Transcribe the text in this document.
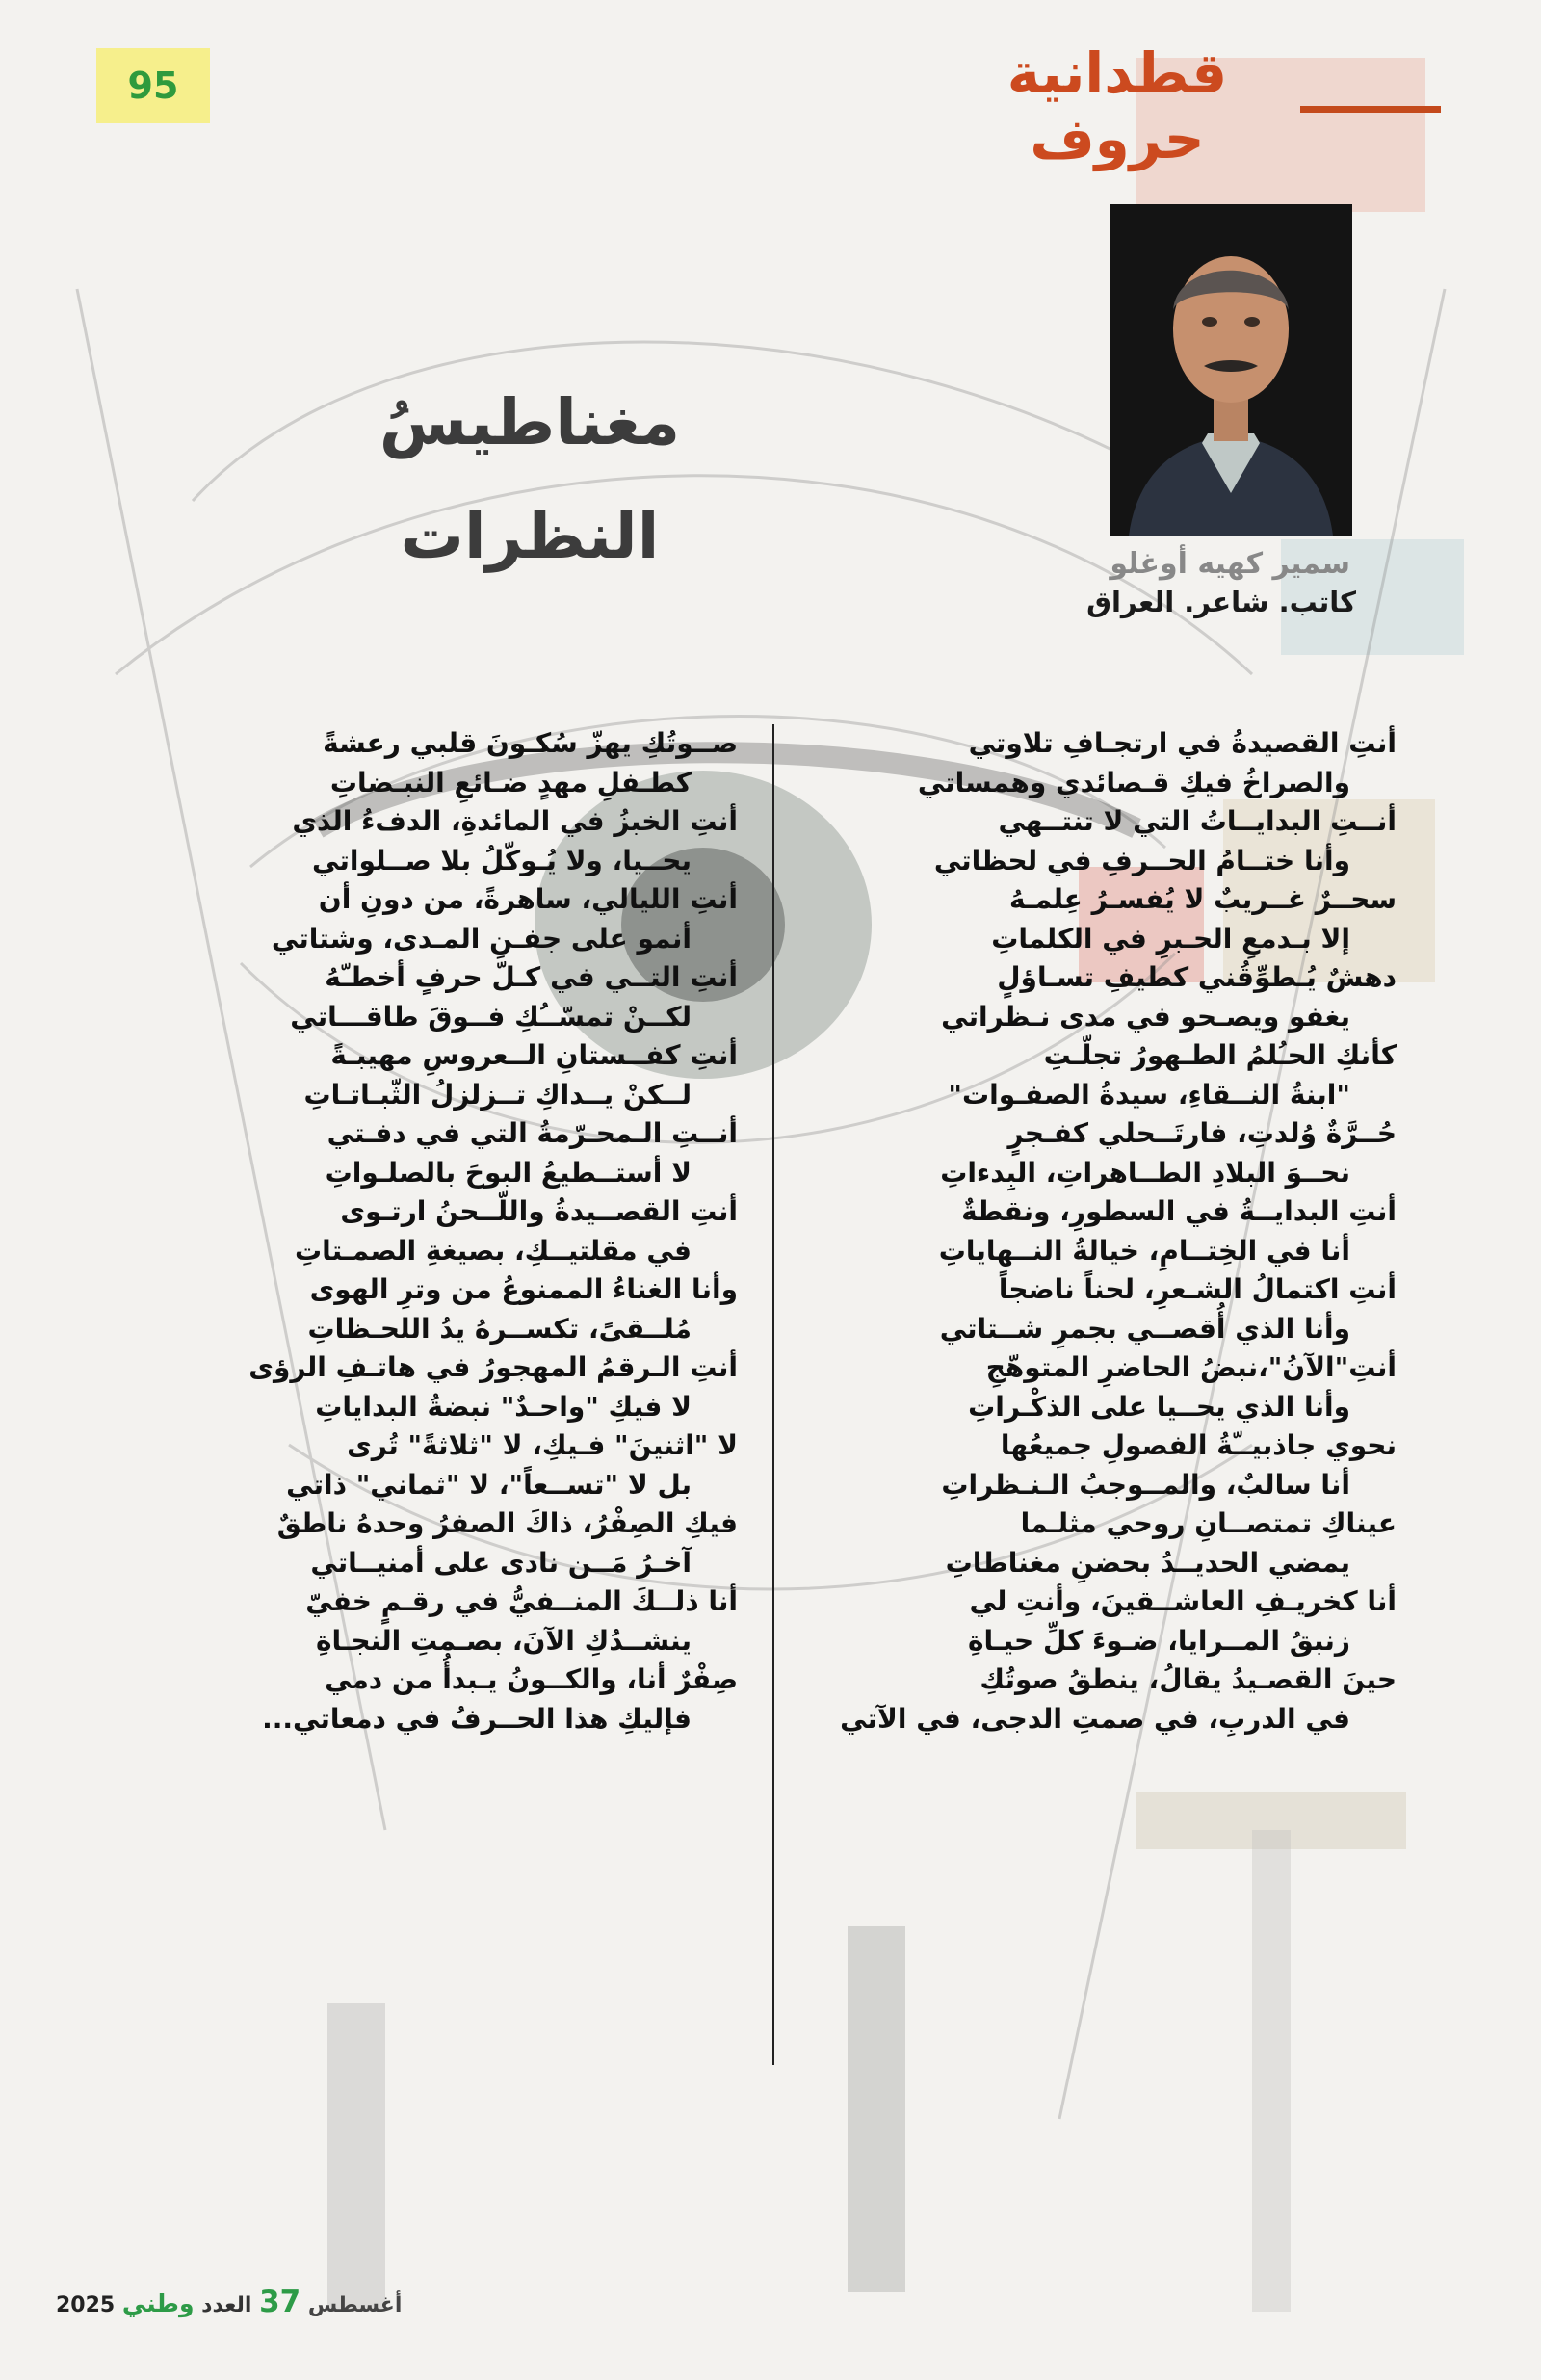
95	قطدانية حروف
سمير كهيه أوغلو
كاتب. شاعر. العراق
مغناطيسُ
النظرات
أنتِ القصيدةُ في ارتجـافِ تلاوتي
والصراخُ فيكِ قـصائدي وهمساتي
أنــتِ البدايــاتُ التي لا تنتــهي
وأنا ختــامُ الحــرفِ في لحظاتي
سحــرٌ غــريبٌ لا يُفسـرُ عِلمـهُ
إلا بـدمعِ الحـبرِ في الكلماتِ
دهشٌ يُـطوِّقُني كطيفِ تسـاؤلٍ
يغفو ويصـحو في مدى نـظراتي
كأنكِ الحـُلمُ الطـهورُ تجلّـتِ
"ابنةُ النــقاءِ، سيدةُ الصفـوات"
حُــرَّةٌ وُلدتِ، فارتَــحلي كفـجرٍ
نحــوَ البلادِ الطــاهراتِ، البِدءاتِ
أنتِ البدايــةُ في السطورِ، ونقطةٌ
أنا في الخِتــامِ، خيالةُ النــهاياتِ
أنتِ اكتمالُ الشـعرِ، لحناً ناضجاً
وأنا الذي أُقصــي بجمرِ شــتاتي
أنتِ"الآنُ"،نبضُ الحاضرِ المتوهّجِ
وأنا الذي يحــيا على الذكْـراتِ
نحوي جاذبيــّةُ الفصولِ جميعُها
أنا سالبٌ، والمــوجبُ الـنـظراتِ
عيناكِ تمتصــانِ روحي مثلـما
يمضي الحديــدُ بحضنِ مغناطاتِ
أنا كخريـفِ العاشــقينَ، وأنتِ لي
زنبقُ المــرايا، ضـوءَ كلِّ حيـاةِ
حينَ القصـيدُ يقالُ، ينطقُ صوتُكِ
في الدربِ، في صمتِ الدجى، في الآتي
صــوتُكِ يهزّ سُكـونَ قلبي رعشةً
كطـفلِ مهدٍ ضـائعِ النبـضاتِ
أنتِ الخبزُ في المائدةِ، الدفءُ الذي
يحــيا، ولا يُـوكّلُ بلا صــلواتي
أنتِ الليالي، ساهرةً، من دونِ أن
أنمو على جفـنِ المـدى، وشتاتي
أنتِ التــي في كـلّ حرفٍ أخطـّهُ
لكــنْ تمسّــُكِ فــوقَ طاقـــاتي
أنتِ كفــستانِ الــعروسِ مهيبـةً
لــكنْ يــداكِ تــزلزلُ الثّبـاتـاتِ
أنــتِ الـمحـرّمةُ التي في دفـتي
لا أستــطيعُ البوحَ بالصلـواتِ
أنتِ القصــيدةُ واللّــحنُ ارتـوى
في مقلتيــكِ، بصيغةِ الصمـتاتِ
وأنا الغناءُ الممنوعُ من وترِ الهوى
مُلــقىً، تكســرهُ يدُ اللحـظاتِ
أنتِ الـرقمُ المهجورُ في هاتـفِ الرؤى
لا فيكِ "واحـدٌ" نبضةُ البداياتِ
لا "اثنينَ" فـيكِ، لا "ثلاثةً" تُرى
بل لا "تســعاً"، لا "ثماني" ذاتي
فيكِ الصِفْرُ، ذاكَ الصفرُ وحدهُ ناطقٌ
آخـرُ مَــن نادى على أمنيــاتي
أنا ذلــكَ المنــفيُّ في رقـمٍ خفيّ
ينشــدُكِ الآنَ، بصـمتِ النجـاةِ
صِفْرٌ أنا، والكــونُ يـبدأُ من دمي
فإليكِ هذا الحــرفُ في دمعاتي...
2025	أغسطس 37 العدد وطني
